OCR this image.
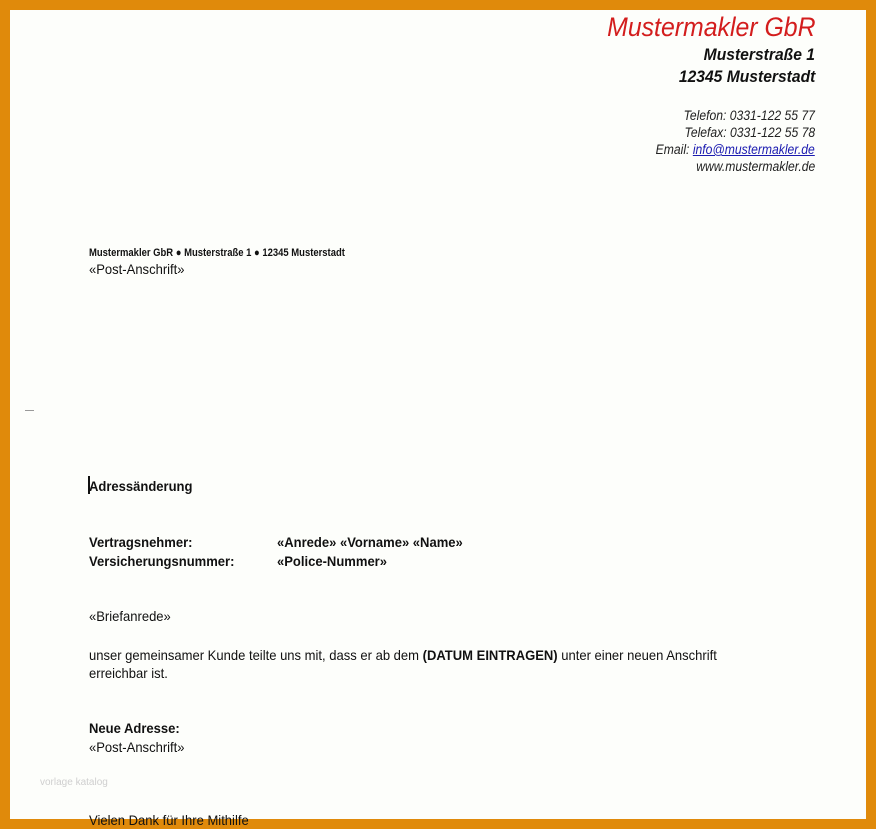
Mustermakler GbR
Musterstraße 1
12345 Musterstadt
Telefon: 0331-122 55 77
Telefax: 0331-122 55 78
Email: info@mustermakler.de
www.mustermakler.de
Mustermakler GbR ● Musterstraße 1 ● 12345 Musterstadt
«Post-Anschrift»
Adressänderung
Vertragsnehmer:	«Anrede» «Vorname» «Name»
Versicherungsnummer:	«Police-Nummer»
«Briefanrede»
unser gemeinsamer Kunde teilte uns mit, dass er ab dem (DATUM EINTRAGEN) unter einer neuen Anschrift erreichbar ist.
Neue Adresse:
«Post-Anschrift»
vorlage katalog
Vielen Dank für Ihre Mithilfe
